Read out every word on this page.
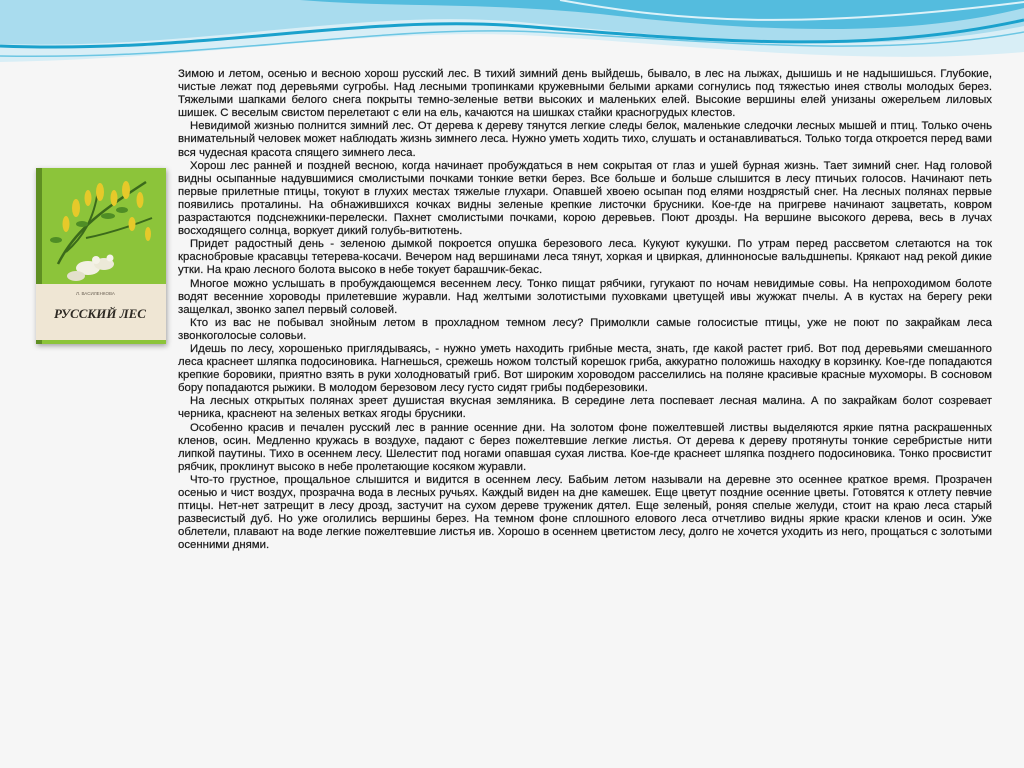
Л. ВАСИЛЕНКОВА
РУССКИЙ ЛЕС

Зимою и летом, осенью и весною хорош русский лес. В тихий зимний день выйдешь, бывало, в лес на лыжах, дышишь и не надышишься. Глубокие, чистые лежат под деревьями сугробы. Над лесными тропинками кружевными белыми арками согнулись под тяжестью инея стволы молодых берез. Тяжелыми шапками белого снега покрыты темно-зеленые ветви высоких и маленьких елей. Высокие вершины елей унизаны ожерельем лиловых шишек. С веселым свистом перелетают с ели на ель, качаются на шишках стайки красногрудых клестов.

Невидимой жизнью полнится зимний лес. От дерева к дереву тянутся легкие следы белок, маленькие следочки лесных мышей и птиц. Только очень внимательный человек может наблюдать жизнь зимнего леса. Нужно уметь ходить тихо, слушать и останавливаться. Только тогда откроется перед вами вся чудесная красота спящего зимнего леса.

Хорош лес ранней и поздней весною, когда начинает пробуждаться в нем сокрытая от глаз и ушей бурная жизнь. Тает зимний снег. Над головой видны осыпанные надувшимися смолистыми почками тонкие ветки берез. Все больше и больше слышится в лесу птичьих голосов. Начинают петь первые прилетные птицы, токуют в глухих местах тяжелые глухари. Опавшей хвоею осыпан под елями ноздрястый снег. На лесных полянах первые появились проталины. На обнажившихся кочках видны зеленые крепкие листочки брусники. Кое-где на пригреве начинают зацветать, ковром разрастаются подснежники-перелески. Пахнет смолистыми почками, корою деревьев. Поют дрозды. На вершине высокого дерева, весь в лучах восходящего солнца, воркует дикий голубь-витютень.

Придет радостный день - зеленою дымкой покроется опушка березового леса. Кукуют кукушки. По утрам перед рассветом слетаются на ток краснобровые красавцы тетерева-косачи. Вечером над вершинами леса тянут, хоркая и цвиркая, длинноносые вальдшнепы. Крякают над рекой дикие утки. На краю лесного болота высоко в небе токует барашчик-бекас.

Многое можно услышать в пробуждающемся весеннем лесу. Тонко пищат рябчики, гугукают по ночам невидимые совы. На непроходимом болоте водят весенние хороводы прилетевшие журавли. Над желтыми золотистыми пуховками цветущей ивы жужжат пчелы. А в кустах на берегу реки защелкал, звонко запел первый соловей.

Кто из вас не побывал знойным летом в прохладном темном лесу? Примолкли самые голосистые птицы, уже не поют по закрайкам леса звонкоголосые соловьи.

Идешь по лесу, хорошенько приглядываясь, - нужно уметь находить грибные места, знать, где какой растет гриб. Вот под деревьями смешанного леса краснеет шляпка подосиновика. Нагнешься, срежешь ножом толстый корешок гриба, аккуратно положишь находку в корзинку. Кое-где попадаются крепкие боровики, приятно взять в руки холодноватый гриб. Вот широким хороводом расселились на поляне красивые красные мухоморы. В сосновом бору попадаются рыжики. В молодом березовом лесу густо сидят грибы подберезовики.

На лесных открытых полянах зреет душистая вкусная земляника. В середине лета поспевает лесная малина. А по закрайкам болот созревает черника, краснеют на зеленых ветках ягоды брусники.

Особенно красив и печален русский лес в ранние осенние дни. На золотом фоне пожелтевшей листвы выделяются яркие пятна раскрашенных кленов, осин. Медленно кружась в воздухе, падают с берез пожелтевшие легкие листья. От дерева к дереву протянуты тонкие серебристые нити липкой паутины. Тихо в осеннем лесу. Шелестит под ногами опавшая сухая листва. Кое-где краснеет шляпка позднего подосиновика. Тонко просвистит рябчик, проклинут высоко в небе пролетающие косяком журавли.

Что-то грустное, прощальное слышится и видится в осеннем лесу. Бабьим летом называли на деревне это осеннее краткое время. Прозрачен осенью и чист воздух, прозрачна вода в лесных ручьях. Каждый виден на дне камешек. Еще цветут поздние осенние цветы. Готовятся к отлету певчие птицы. Нет-нет затрещит в лесу дрозд, застучит на сухом дереве труженик дятел. Еще зеленый, роняя спелые желуди, стоит на краю леса старый развесистый дуб. Но уже оголились вершины берез. На темном фоне сплошного елового леса отчетливо видны яркие краски кленов и осин. Уже облетели, плавают на воде легкие пожелтевшие листья ив. Хорошо в осеннем цветистом лесу, долго не хочется уходить из него, прощаться с золотыми осенними днями.
